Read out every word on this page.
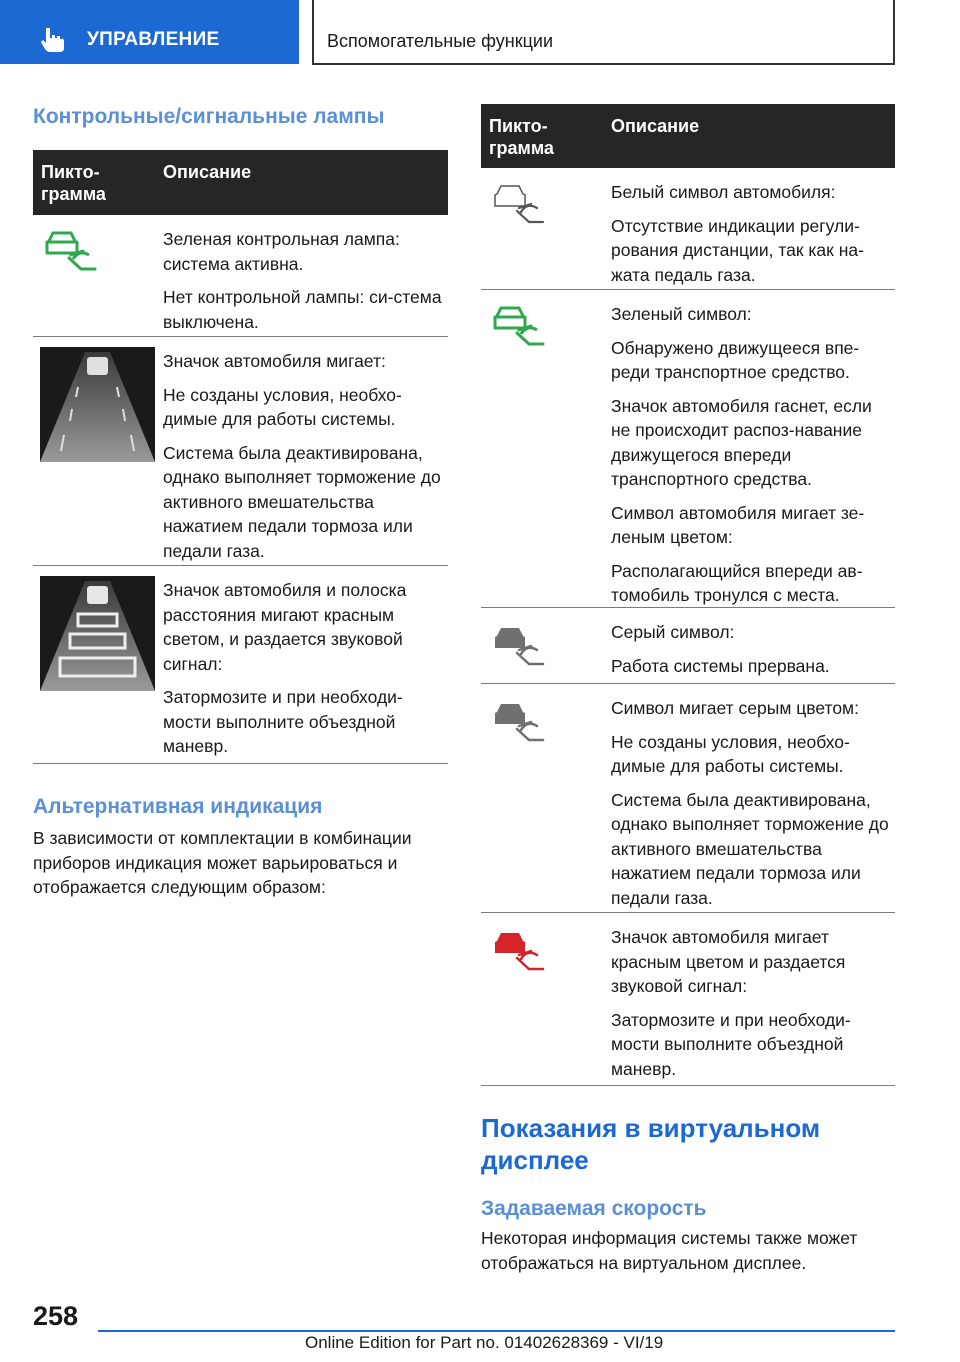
УПРАВЛЕНИЕ	Вспомогательные функции
Контрольные/сигнальные лампы
Пикто-
грамма
Описание

Зеленая контрольная лампа: система активна.

Нет контрольной лампы: си-стема выключена.

Значок автомобиля мигает:

Не созданы условия, необхо-димые для работы системы.

Система была деактивирована, однако выполняет торможение до активного вмешательства нажатием педали тормоза или педали газа.

Значок автомобиля и полоска расстояния мигают красным светом, и раздается звуковой сигнал:

Затормозите и при необходи-мости выполните объездной маневр.

Альтернативная индикация

В зависимости от комплектации в комбинации приборов индикация может варьироваться и отображается следующим образом:

Пикто-
грамма
Описание

Белый символ автомобиля:

Отсутствие индикации регули-рования дистанции, так как на-жата педаль газа.

Зеленый символ:

Обнаружено движущееся впе-реди транспортное средство.

Значок автомобиля гаснет, если не происходит распоз-навание движущегося впереди транспортного средства.

Символ автомобиля мигает зе-леным цветом:

Располагающийся впереди ав-томобиль тронулся с места.

Серый символ:

Работа системы прервана.

Символ мигает серым цветом:

Не созданы условия, необхо-димые для работы системы.

Система была деактивирована, однако выполняет торможение до активного вмешательства нажатием педали тормоза или педали газа.

Значок автомобиля мигает красным цветом и раздается звуковой сигнал:

Затормозите и при необходи-мости выполните объездной маневр.

Показания в виртуальном дисплее
Задаваемая скорость

Некоторая информация системы также может отображаться на виртуальном дисплее.

258
Online Edition for Part no. 01402628369 - VI/19
